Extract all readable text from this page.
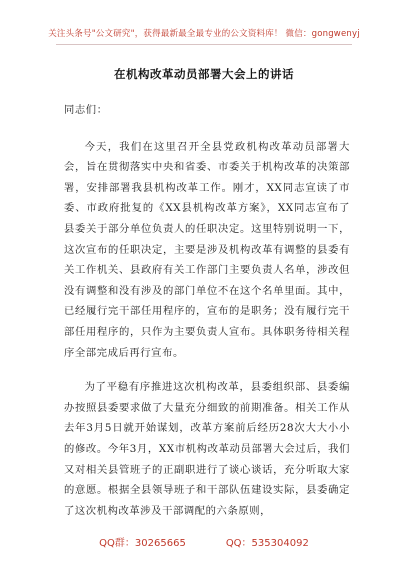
关注头条号"公文研究"，获得最新最全最专业的公文资料库！ 微信：gongwenyj
在机构改革动员部署大会上的讲话

同志们：

今天，我们在这里召开全县党政机构改革动员部署大会，旨在贯彻落实中央和省委、市委关于机构改革的决策部署，安排部署我县机构改革工作。刚才，XX同志宣读了市委、市政府批复的《XX县机构改革方案》，XX同志宣布了县委关于部分单位负责人的任职决定。这里特别说明一下，这次宣布的任职决定，主要是涉及机构改革有调整的县委有关工作机关、县政府有关工作部门主要负责人名单，涉改但没有调整和没有涉及的部门单位不在这个名单里面。其中，已经履行完干部任用程序的，宣布的是职务；没有履行完干部任用程序的，只作为主要负责人宣布。具体职务待相关程序全部完成后再行宣布。

为了平稳有序推进这次机构改革，县委组织部、县委编办按照县委要求做了大量充分细致的前期准备。相关工作从去年3月5日就开始谋划，改革方案前后经历28次大大小小的修改。今年3月，XX市机构改革动员部署大会过后，我们又对相关县管班子的正副职进行了谈心谈话，充分听取大家的意愿。根据全县领导班子和干部队伍建设实际，县委确定了这次机构改革涉及干部调配的六条原则，

QQ群：30265665	QQ：535304092
